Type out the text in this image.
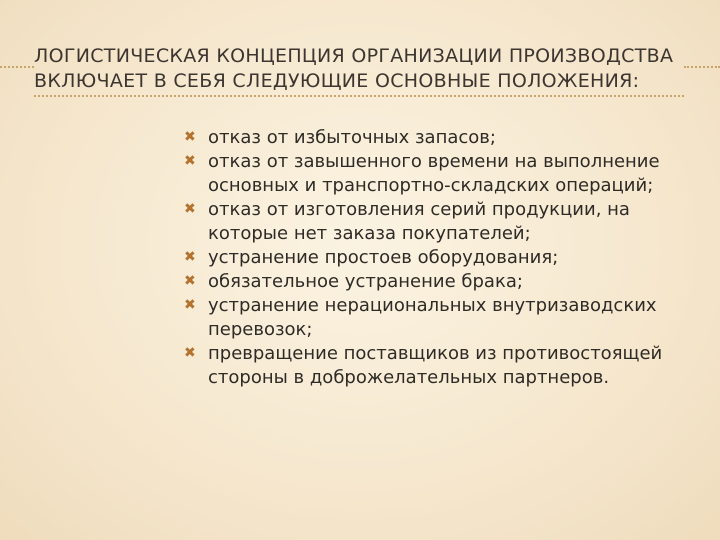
ЛОГИСТИЧЕСКАЯ КОНЦЕПЦИЯ ОРГАНИЗАЦИИ ПРОИЗВОДСТВА
ВКЛЮЧАЕТ В СЕБЯ СЛЕДУЮЩИЕ ОСНОВНЫЕ ПОЛОЖЕНИЯ:
✖ отказ от избыточных запасов;
✖ отказ от завышенного времени на выполнение основных и транспортно-складских операций;
✖ отказ от изготовления серий продукции, на которые нет заказа покупателей;
✖ устранение простоев оборудования;
✖ обязательное устранение брака;
✖ устранение нерациональных внутризаводских перевозок;
✖ превращение поставщиков из противостоящей стороны в доброжелательных партнеров.
